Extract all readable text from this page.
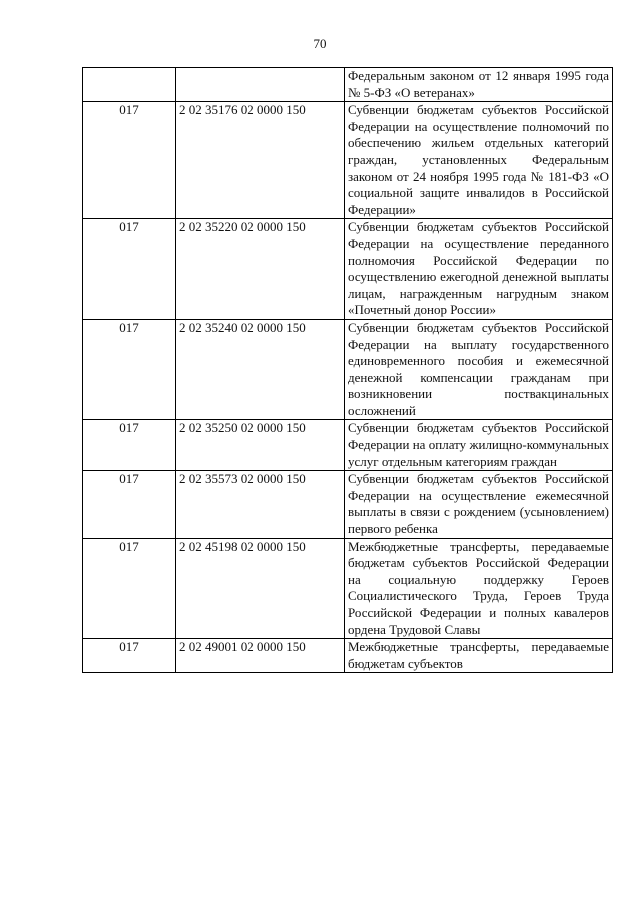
70
		Федеральным законом от 12 января 1995 года № 5-ФЗ «О ветеранах»
017	2 02 35176 02 0000 150	Субвенции бюджетам субъектов Российской Федерации на осуществление полномочий по обеспечению жильем отдельных категорий граждан, установленных Федеральным законом от 24 ноября 1995 года № 181-ФЗ «О социальной защите инвалидов в Российской Федерации»
017	2 02 35220 02 0000 150	Субвенции бюджетам субъектов Российской Федерации на осуществление переданного полномочия Российской Федерации по осуществлению ежегодной денежной выплаты лицам, награжденным нагрудным знаком «Почетный донор России»
017	2 02 35240 02 0000 150	Субвенции бюджетам субъектов Российской Федерации на выплату государственного единовременного пособия и ежемесячной денежной компенсации гражданам при возникновении поствакцинальных осложнений
017	2 02 35250 02 0000 150	Субвенции бюджетам субъектов Российской Федерации на оплату жилищно-коммунальных услуг отдельным категориям граждан
017	2 02 35573 02 0000 150	Субвенции бюджетам субъектов Российской Федерации на осуществление ежемесячной выплаты в связи с рождением (усыновлением) первого ребенка
017	2 02 45198 02 0000 150	Межбюджетные трансферты, передаваемые бюджетам субъектов Российской Федерации на социальную поддержку Героев Социалистического Труда, Героев Труда Российской Федерации и полных кавалеров ордена Трудовой Славы
017	2 02 49001 02 0000 150	Межбюджетные трансферты, передаваемые бюджетам субъектов
